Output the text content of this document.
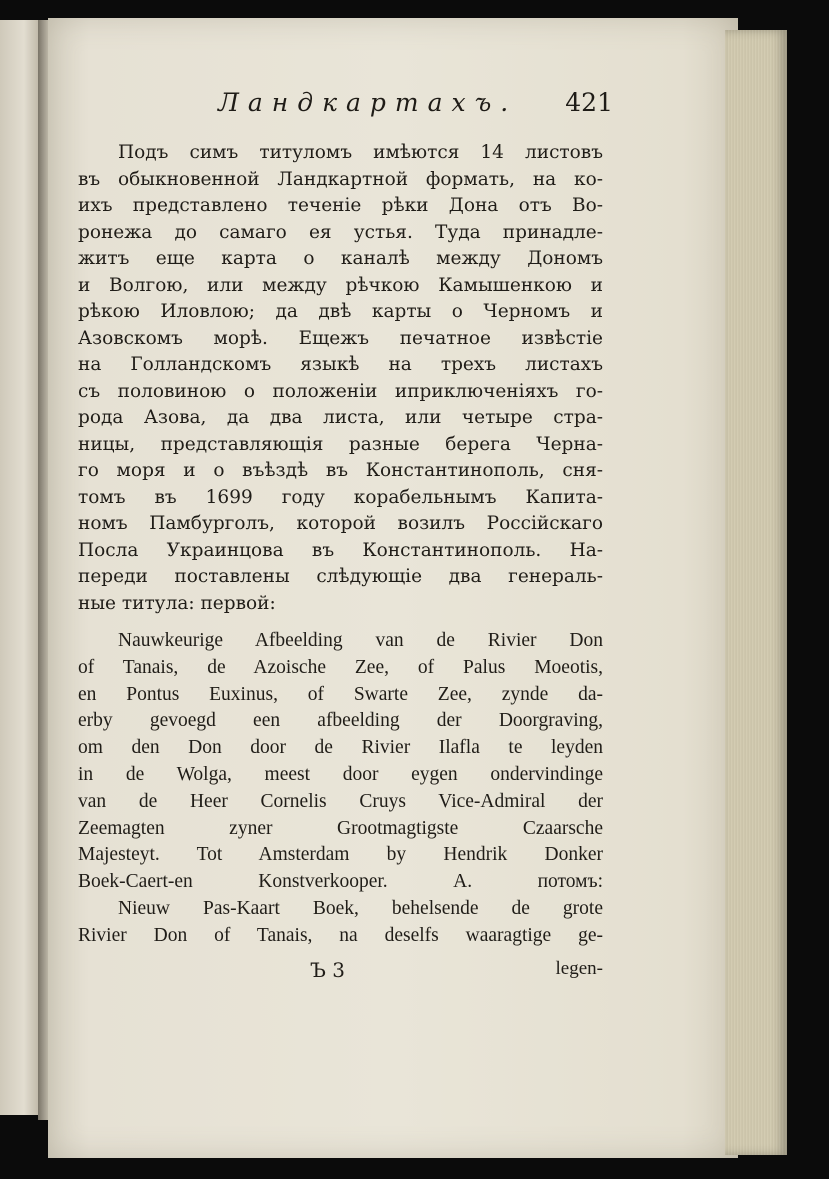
Ландкартахъ. 421
Подъ симъ титуломъ имѣются 14 листовъ
въ обыкновенной Ландкартной формать, на ко-
ихъ представлено теченіе рѣки Дона отъ Во-
ронежа до самаго ея устья. Туда принадле-
житъ еще карта о каналѣ между Дономъ
и Волгою, или между рѣчкою Камышенкою и
рѣкою Иловлою; да двѣ карты о Черномъ и
Азовскомъ морѣ. Ещежъ печатное извѣстіе
на Голландскомъ языкѣ на трехъ листахъ
съ половиною о положеніи иприключеніяхъ го-
рода Азова, да два листа, или четыре стра-
ницы, представляющія разные берега Черна-
го моря и о въѣздѣ въ Константинополь, сня-
томъ въ 1699 году корабельнымъ Капита-
номъ Памбурголъ, которой возилъ Россійскаго
Посла Украинцова въ Константинополь. На-
переди поставлены слѣдующіе два генераль-
ные титула: первой:
Nauwkeurige Afbeelding van de Rivier Don
of Tanais, de Azoische Zee, of Palus Moeotis,
en Pontus Euxinus, of Swarte Zee, zynde da-
erby gevoegd een afbeelding der Doorgraving,
om den Don door de Rivier Ilafla te leyden
in de Wolga, meest door eygen ondervindinge
van de Heer Cornelis Cruys Vice-Admiral der
Zeemagten zyner Grootmagtigste Czaarsche
Majesteyt. Tot Amsterdam by Hendrik Donker
Boek-Caert-en Konstverkooper. А. потомъ:
Nieuw Pas-Kaart Boek, behelsende de grote
Rivier Don of Tanais, na deselfs waaragtige ge-
Ъ 3	legen-
